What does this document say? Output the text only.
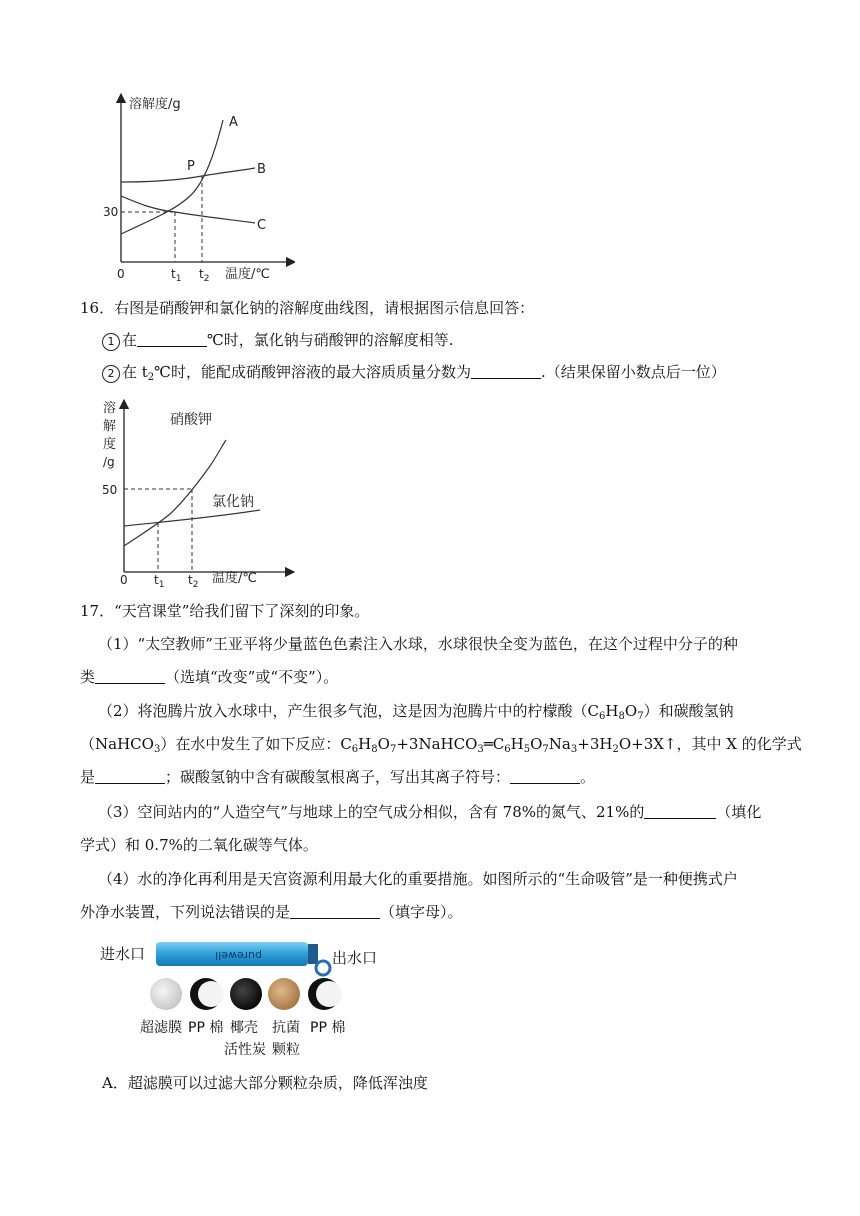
溶解度/g
30
0	$t_1$ $t_2$ 温度/℃
A
B
C
P
16．右图是硝酸钾和氯化钠的溶解度曲线图，请根据图示信息回答：
1 在	℃时，氯化钠与硝酸钾的溶解度相等.
2 在 $t_2℃$时，能配成硝酸钾溶液的最大溶质质量分数为	.（结果保留小数点后一位）
溶
解
度
/g
50
0 $t_1$ $t_2$ 温度/℃
硝酸钾
氯化钠
17．“天宫课堂”给我们留下了深刻的印象。
（1）“太空教师”王亚平将少量蓝色色素注入水球，水球很快全变为蓝色，在这个过程中分子的种
类	（选填“改变”或“不变”）。
（2）将泡腾片放入水球中，产生很多气泡，这是因为泡腾片中的柠檬酸$(C_6H_8O_7)$和碳酸氢钠
（NaHCO$_3$）在水中发生了如下反应：$C_6H_8O_7+3NaHCO_3═C_6H_5O_7Na_3+3H_2O+3X↑$，其中 X 的化学式
是	；碳酸氢钠中含有碳酸氢根离子，写出其离子符号：	。
（3）空间站内的“人造空气”与地球上的空气成分相似，含有 78%的氮气、21%的	（填化
学式）和 0.7%的二氧化碳等气体。
（4）水的净化再利用是天宫资源利用最大化的重要措施。如图所示的“生命吸管”是一种便携式户
外净水装置，下列说法错误的是	（填字母）。
进水口	purewell	出水口
超滤膜 PP 棉 椰壳
活性炭
抗菌
颗粒
PP 棉
A．超滤膜可以过滤大部分颗粒杂质，降低浑浊度
